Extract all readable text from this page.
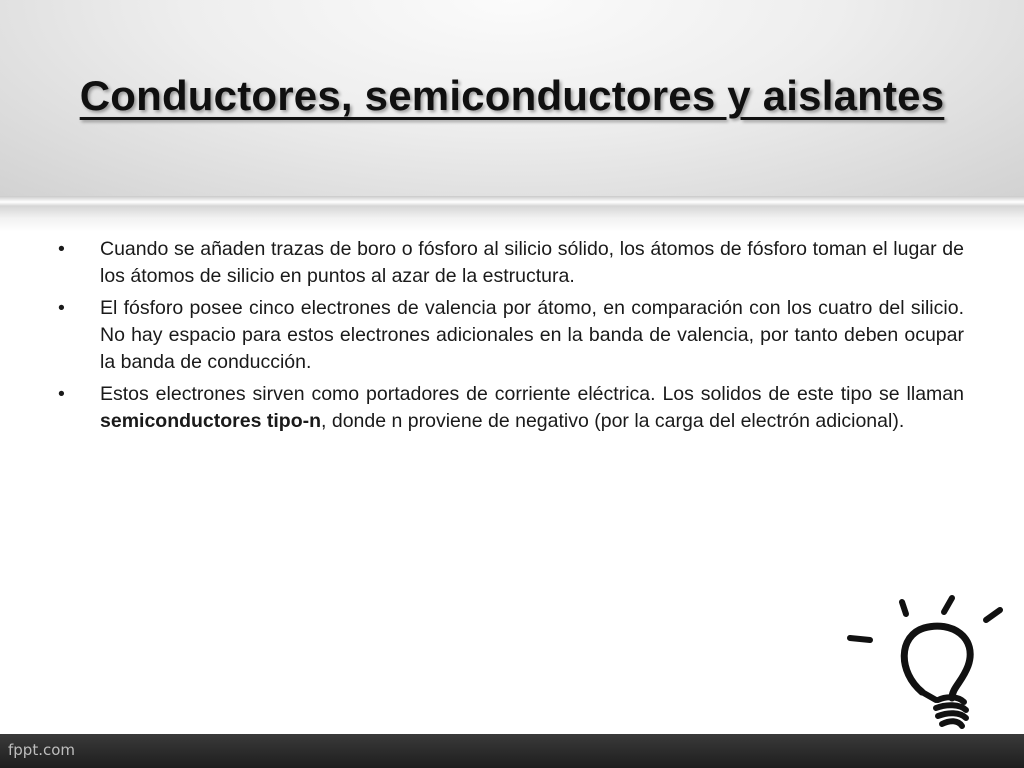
Conductores, semiconductores y aislantes
• Cuando se añaden trazas de boro o fósforo al silicio sólido, los átomos de fósforo toman el lugar de los átomos de silicio en puntos al azar de la estructura.
• El fósforo posee cinco electrones de valencia por átomo, en comparación con los cuatro del silicio. No hay espacio para estos electrones adicionales en la banda de valencia, por tanto deben ocupar la banda de conducción.
• Estos electrones sirven como portadores de corriente eléctrica. Los solidos de este tipo se llaman semiconductores tipo-n, donde n proviene de negativo (por la carga del electrón adicional).
fppt.com
